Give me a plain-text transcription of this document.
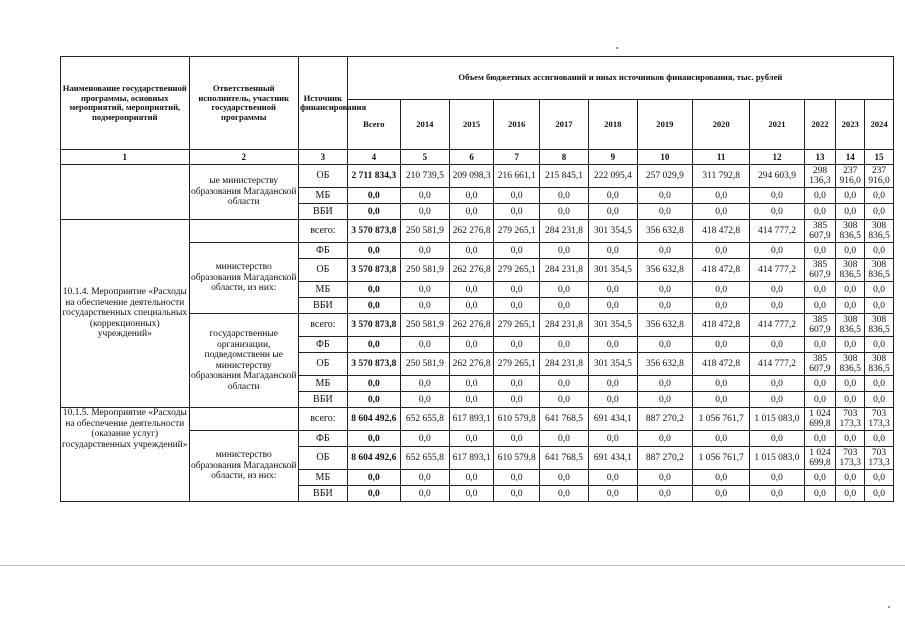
Наименование государственной программы, основных мероприятий, мероприятий, подмероприятий	Ответственный исполнитель, участник государственной программы	Источник финансирования	Объем бюджетных ассигнований и иных источников финансирования, тыс. рублей											
			Всего	2014	2015	2016	2017	2018	2019	2020	2021	2022	2023	2024
1	2	3	4	5	6	7	8	9	10	11	12	13	14	15
	ые министерству образования Магаданской области	ОБ	2 711 834,3	210 739,5	209 098,3	216 661,1	215 845,1	222 095,4	257 029,9	311 792,8	294 603,9	298 136,3	237 916,0	237 916,0
		МБ	0,0	0,0	0,0	0,0	0,0	0,0	0,0	0,0	0,0	0,0	0,0	0,0
		ВБИ	0,0	0,0	0,0	0,0	0,0	0,0	0,0	0,0	0,0	0,0	0,0	0,0
10.1.4. Мероприятие «Расходы на обеспечение деятельности государственных специальных (коррекционных) учреждений»		всего:	3 570 873,8	250 581,9	262 276,8	279 265,1	284 231,8	301 354,5	356 632,8	418 472,8	414 777,2	385 607,9	308 836,5	308 836,5
	министерство образования Магаданской области, из них:	ФБ	0,0	0,0	0,0	0,0	0,0	0,0	0,0	0,0	0,0	0,0	0,0	0,0
		ОБ	3 570 873,8	250 581,9	262 276,8	279 265,1	284 231,8	301 354,5	356 632,8	418 472,8	414 777,2	385 607,9	308 836,5	308 836,5
		МБ	0,0	0,0	0,0	0,0	0,0	0,0	0,0	0,0	0,0	0,0	0,0	0,0
		ВБИ	0,0	0,0	0,0	0,0	0,0	0,0	0,0	0,0	0,0	0,0	0,0	0,0
	государственные организации, подведомственн ые министерству образования Магаданской области	всего:	3 570 873,8	250 581,9	262 276,8	279 265,1	284 231,8	301 354,5	356 632,8	418 472,8	414 777,2	385 607,9	308 836,5	308 836,5
		ФБ	0,0	0,0	0,0	0,0	0,0	0,0	0,0	0,0	0,0	0,0	0,0	0,0
		ОБ	3 570 873,8	250 581,9	262 276,8	279 265,1	284 231,8	301 354,5	356 632,8	418 472,8	414 777,2	385 607,9	308 836,5	308 836,5
		МБ	0,0	0,0	0,0	0,0	0,0	0,0	0,0	0,0	0,0	0,0	0,0	0,0
		ВБИ	0,0	0,0	0,0	0,0	0,0	0,0	0,0	0,0	0,0	0,0	0,0	0,0
10.1.5. Мероприятие «Расходы на обеспечение деятельности (оказание услуг) государственных учреждений»		всего:	8 604 492,6	652 655,8	617 893,1	610 579,8	641 768,5	691 434,1	887 270,2	1 056 761,7	1 015 083,0	1 024 699,8	703 173,3	703 173,3
	министерство образования Магаданской области, из них:	ФБ	0,0	0,0	0,0	0,0	0,0	0,0	0,0	0,0	0,0	0,0	0,0	0,0
		ОБ	8 604 492,6	652 655,8	617 893,1	610 579,8	641 768,5	691 434,1	887 270,2	1 056 761,7	1 015 083,0	1 024 699,8	703 173,3	703 173,3
		МБ	0,0	0,0	0,0	0,0	0,0	0,0	0,0	0,0	0,0	0,0	0,0	0,0
		ВБИ	0,0	0,0	0,0	0,0	0,0	0,0	0,0	0,0	0,0	0,0	0,0	0,0
